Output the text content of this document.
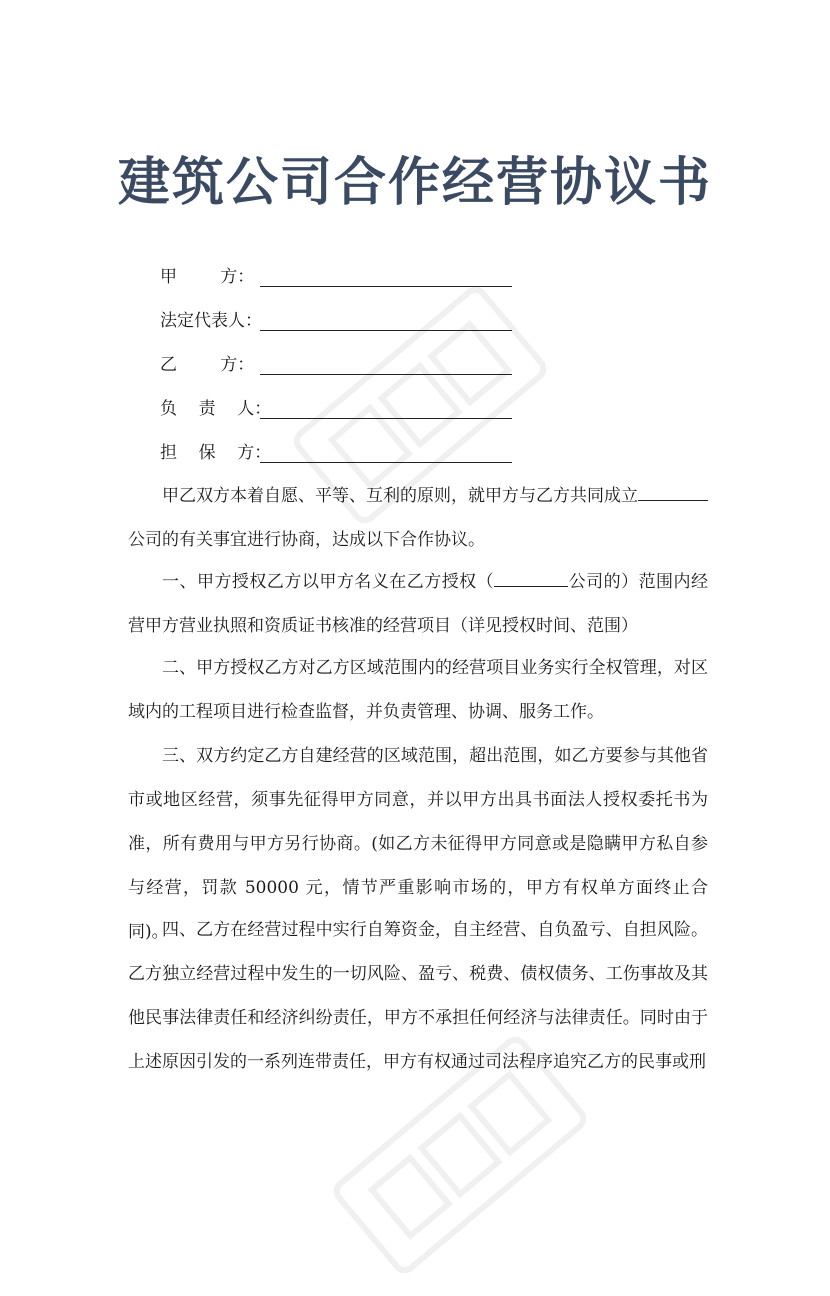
建筑公司合作经营协议书
甲        方：
法定代表人：
乙        方：
负    责    人：
担    保    方：
甲乙双方本着自愿、平等、互利的原则，就甲方与乙方共同成立公司的有关事宜进行协商，达成以下合作协议。
一、甲方授权乙方以甲方名义在乙方授权（	公司的）范围内经营甲方营业执照和资质证书核准的经营项目（详见授权时间、范围）
二、甲方授权乙方对乙方区域范围内的经营项目业务实行全权管理，对区域内的工程项目进行检查监督，并负责管理、协调、服务工作。
三、双方约定乙方自建经营的区域范围，超出范围，如乙方要参与其他省市或地区经营，须事先征得甲方同意，并以甲方出具书面法人授权委托书为准，所有费用与甲方另行协商。(如乙方未征得甲方同意或是隐瞒甲方私自参与经营，罚款 50000 元，情节严重影响市场的，甲方有权单方面终止合同)。
四、乙方在经营过程中实行自筹资金，自主经营、自负盈亏、自担风险。乙方独立经营过程中发生的一切风险、盈亏、税费、债权债务、工伤事故及其他民事法律责任和经济纠纷责任，甲方不承担任何经济与法律责任。同时由于上述原因引发的一系列连带责任，甲方有权通过司法程序追究乙方的民事或刑
